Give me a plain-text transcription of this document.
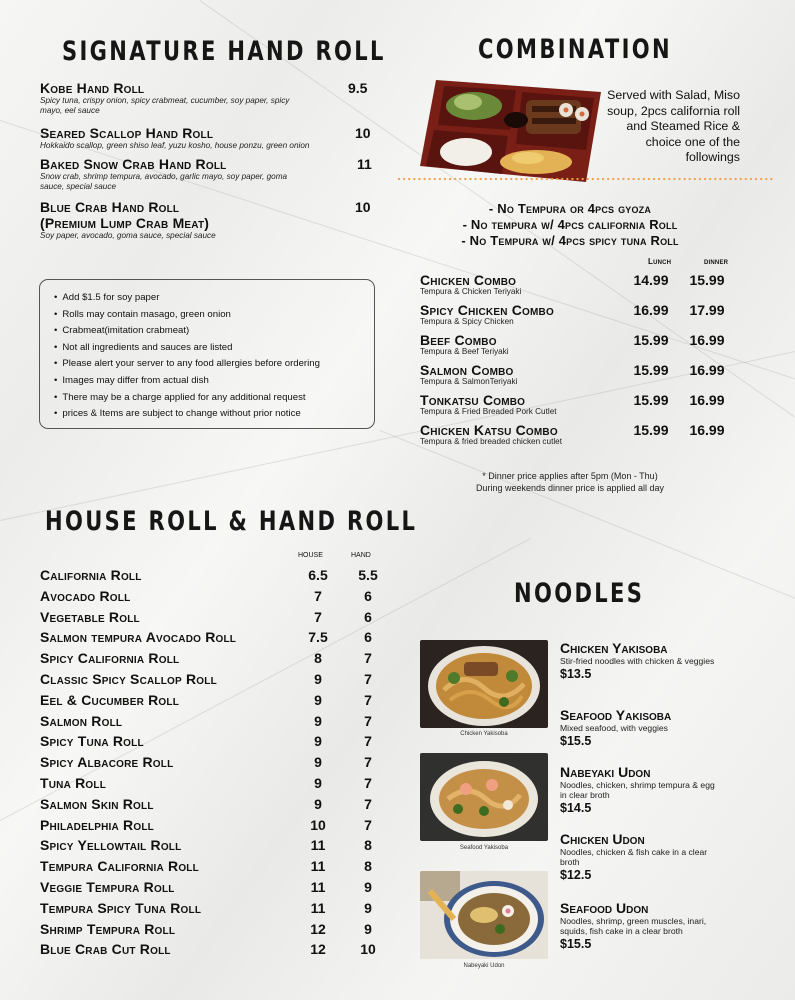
SIGNATURE HAND ROLL
Kobe Hand Roll
Spicy tuna, crispy onion, spicy crabmeat, cucumber, soy paper, spicy mayo, eel sauce
9.5
Seared Scallop Hand Roll
Hokkaido scallop, green shiso leaf, yuzu kosho, house ponzu, green onion
10
Baked Snow Crab Hand Roll
Snow crab, shrimp tempura, avocado, garlic mayo, soy paper, goma sauce, special sauce
11
Blue Crab Hand Roll
(Premium Lump Crab Meat)
Soy paper, avocado, goma sauce, special sauce
10
• Add $1.5 for soy paper
• Rolls may contain masago, green onion
• Crabmeat(imitation crabmeat)
• Not all ingredients and sauces are listed
• Please alert your server to any food allergies before ordering
• Images may differ from actual dish
• There may be a charge applied for any additional request
• prices & Items are subject to change without prior notice
COMBINATION
Served with Salad, Miso soup, 2pcs california roll and Steamed Rice & choice one of the followings
- No Tempura or 4pcs gyoza
- No tempura w/ 4pcs california Roll
- No Tempura w/ 4pcs spicy tuna Roll
Lunch	dinner
Chicken Combo
Tempura & Chicken Teriyaki
14.99	15.99
Spicy Chicken Combo
Tempura & Spicy Chicken
16.99	17.99
Beef Combo
Tempura & Beef Teriyaki
15.99	16.99
Salmon Combo
Tempura & SalmonTeriyaki
15.99	16.99
Tonkatsu Combo
Tempura & Fried Breaded Pork Cutlet
15.99	16.99
Chicken Katsu Combo
Tempura & fried breaded chicken cutlet
15.99	16.99
* Dinner price applies after 5pm (Mon - Thu)
During weekends dinner price is applied all day
HOUSE ROLL & HAND ROLL
HOUSE	HAND
California Roll	6.5	5.5
Avocado Roll	7	6
Vegetable Roll	7	6
Salmon tempura Avocado Roll	7.5	6
Spicy California Roll	8	7
Classic Spicy Scallop Roll	9	7
Eel & Cucumber Roll	9	7
Salmon Roll	9	7
Spicy Tuna Roll	9	7
Spicy Albacore Roll	9	7
Tuna Roll	9	7
Salmon Skin Roll	9	7
Philadelphia Roll	10	7
Spicy Yellowtail Roll	11	8
Tempura California Roll	11	8
Veggie Tempura Roll	11	9
Tempura Spicy Tuna Roll	11	9
Shrimp Tempura Roll	12	9
Blue Crab Cut Roll	12	10
NOODLES
Chicken Yakisoba
Seafood Yakisoba
Nabeyaki Udon
Chicken Yakisoba
Stir-fried noodles with chicken & veggies
$13.5
Seafood Yakisoba
Mixed seafood, with veggies
$15.5
Nabeyaki Udon
Noodles, chicken, shrimp tempura & egg in clear broth
$14.5
Chicken Udon
Noodles, chicken & fish cake in a clear broth
$12.5
Seafood Udon
Noodles, shrimp, green muscles, inari, squids, fish cake in a clear broth
$15.5
